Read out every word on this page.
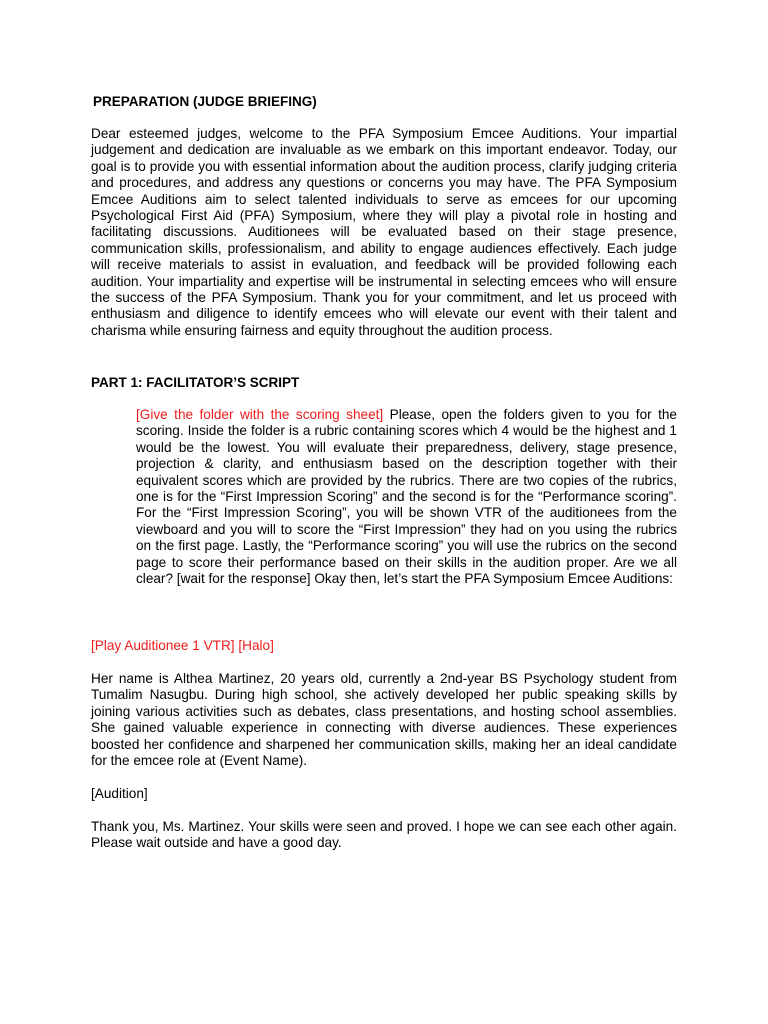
PREPARATION (JUDGE BRIEFING)
Dear esteemed judges, welcome to the PFA Symposium Emcee Auditions. Your impartial judgement and dedication are invaluable as we embark on this important endeavor. Today, our goal is to provide you with essential information about the audition process, clarify judging criteria and procedures, and address any questions or concerns you may have. The PFA Symposium Emcee Auditions aim to select talented individuals to serve as emcees for our upcoming Psychological First Aid (PFA) Symposium, where they will play a pivotal role in hosting and facilitating discussions. Auditionees will be evaluated based on their stage presence, communication skills, professionalism, and ability to engage audiences effectively. Each judge will receive materials to assist in evaluation, and feedback will be provided following each audition. Your impartiality and expertise will be instrumental in selecting emcees who will ensure the success of the PFA Symposium. Thank you for your commitment, and let us proceed with enthusiasm and diligence to identify emcees who will elevate our event with their talent and charisma while ensuring fairness and equity throughout the audition process.
PART 1: FACILITATOR’S SCRIPT
[Give the folder with the scoring sheet] Please, open the folders given to you for the scoring. Inside the folder is a rubric containing scores which 4 would be the highest and 1 would be the lowest. You will evaluate their preparedness, delivery, stage presence, projection & clarity, and enthusiasm based on the description together with their equivalent scores which are provided by the rubrics. There are two copies of the rubrics, one is for the “First Impression Scoring” and the second is for the “Performance scoring”. For the “First Impression Scoring”, you will be shown VTR of the auditionees from the viewboard and you will to score the “First Impression” they had on you using the rubrics on the first page. Lastly, the “Performance scoring” you will use the rubrics on the second page to score their performance based on their skills in the audition proper. Are we all clear? [wait for the response] Okay then, let’s start the PFA Symposium Emcee Auditions:
[Play Auditionee 1 VTR] [Halo]
Her name is Althea Martinez, 20 years old, currently a 2nd-year BS Psychology student from Tumalim Nasugbu. During high school, she actively developed her public speaking skills by joining various activities such as debates, class presentations, and hosting school assemblies. She gained valuable experience in connecting with diverse audiences. These experiences boosted her confidence and sharpened her communication skills, making her an ideal candidate for the emcee role at (Event Name).
[Audition]
Thank you, Ms. Martinez. Your skills were seen and proved. I hope we can see each other again. Please wait outside and have a good day.
